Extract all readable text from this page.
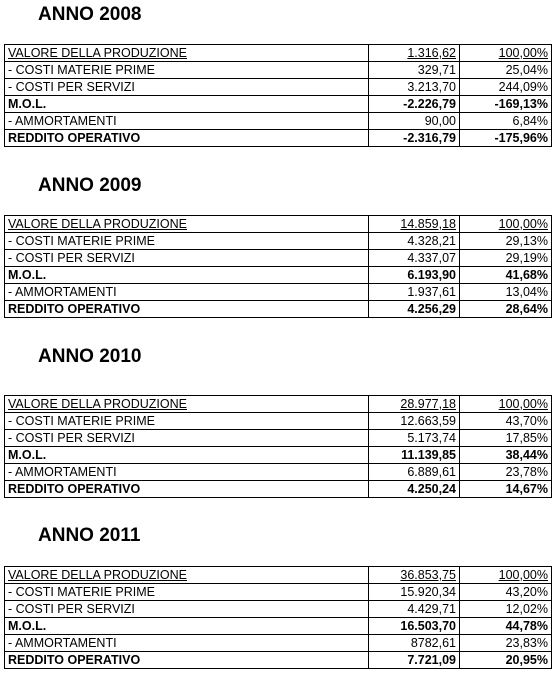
ANNO 2008
VALORE DELLA PRODUZIONE	1.316,62	100,00%
- COSTI MATERIE PRIME	329,71	25,04%
- COSTI PER SERVIZI	3.213,70	244,09%
M.O.L.	-2.226,79	-169,13%
- AMMORTAMENTI	90,00	6,84%
REDDITO OPERATIVO	-2.316,79	-175,96%
ANNO 2009
VALORE DELLA PRODUZIONE	14.859,18	100,00%
- COSTI MATERIE PRIME	4.328,21	29,13%
- COSTI PER SERVIZI	4.337,07	29,19%
M.O.L.	6.193,90	41,68%
- AMMORTAMENTI	1.937,61	13,04%
REDDITO OPERATIVO	4.256,29	28,64%
ANNO 2010
VALORE DELLA PRODUZIONE	28.977,18	100,00%
- COSTI MATERIE PRIME	12.663,59	43,70%
- COSTI PER SERVIZI	5.173,74	17,85%
M.O.L.	11.139,85	38,44%
- AMMORTAMENTI	6.889,61	23,78%
REDDITO OPERATIVO	4.250,24	14,67%
ANNO 2011
VALORE DELLA PRODUZIONE	36.853,75	100,00%
- COSTI MATERIE PRIME	15.920,34	43,20%
- COSTI PER SERVIZI	4.429,71	12,02%
M.O.L.	16.503,70	44,78%
- AMMORTAMENTI	8782,61	23,83%
REDDITO OPERATIVO	7.721,09	20,95%
